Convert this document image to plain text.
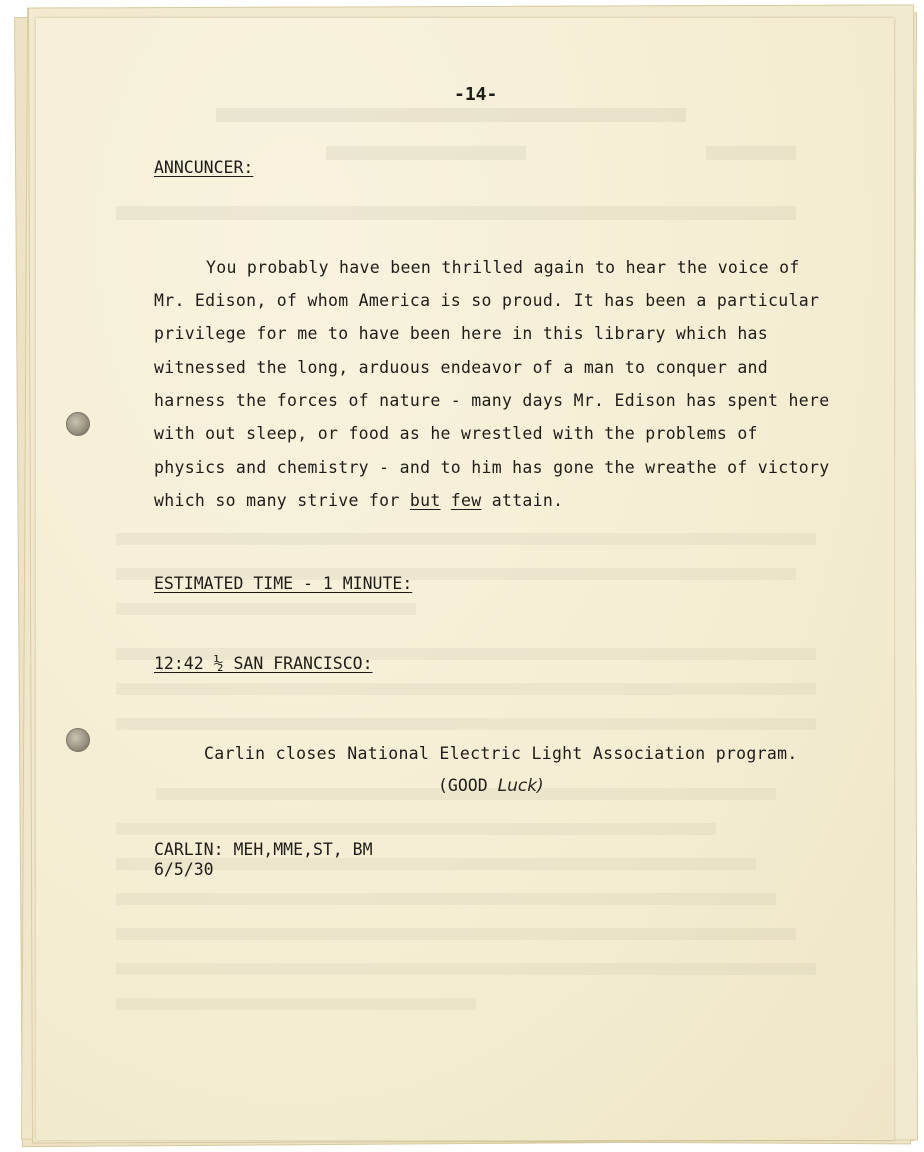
-14-
ANNCUNCER:
You probably have been thrilled again to hear the voice of
Mr. Edison, of whom America is so proud. It has been a particular
privilege for me to have been here in this library which has
witnessed the long, arduous endeavor of a man to conquer and
harness the forces of nature - many days Mr. Edison has spent here
with out sleep, or food as he wrestled with the problems of
physics and chemistry - and to him has gone the wreathe of victory
which so many strive for but few attain.
ESTIMATED TIME - 1 MINUTE:
12:42 ½ SAN FRANCISCO:
Carlin closes National Electric Light Association program.
(GOOD Luck)
CARLIN: MEH,MME,ST, BM
6/5/30
